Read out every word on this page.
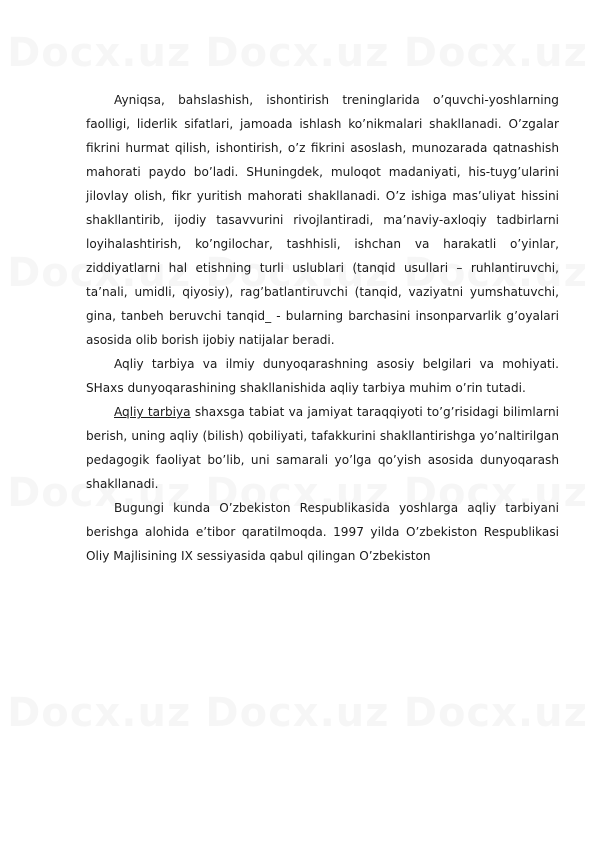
Ayniqsa, bahslashish, ishontirish treninglarida o’quvchi-yoshlarning faolligi, liderlik sifatlari, jamoada ishlash ko’nikmalari shakllanadi. O’zgalar fikrini hurmat qilish, ishontirish, o’z fikrini asoslash, munozarada qatnashish mahorati paydo bo’ladi. SHuningdek, muloqot madaniyati, his-tuyg’ularini jilovlay olish, fikr yuritish mahorati shakllanadi. O’z ishiga mas’uliyat hissini shakllantirib, ijodiy tasavvurini rivojlantiradi, ma’naviy-axloqiy tadbirlarni loyihalashtirish, ko’ngilochar, tashhisli, ishchan va harakatli o’yinlar, ziddiyatlarni hal etishning turli uslublari (tanqid usullari – ruhlantiruvchi, ta’nali, umidli, qiyosiy), rag’batlantiruvchi (tanqid, vaziyatni yumshatuvchi, gina, tanbeh beruvchi tanqid_ - bularning barchasini insonparvarlik g’oyalari asosida olib borish ijobiy natijalar beradi.

Aqliy tarbiya va ilmiy dunyoqarashning asosiy belgilari va mohiyati. SHaxs dunyoqarashining shakllanishida aqliy tarbiya muhim o’rin tutadi.

Aqliy tarbiya shaxsga tabiat va jamiyat taraqqiyoti to’g’risidagi bilimlarni berish, uning aqliy (bilish) qobiliyati, tafakkurini shakllantirishga yo’naltirilgan pedagogik faoliyat bo’lib, uni samarali yo’lga qo’yish asosida dunyoqarash shakllanadi.

Bugungi kunda O’zbekiston Respublikasida yoshlarga aqliy tarbiyani berishga alohida e’tibor qaratilmoqda. 1997 yilda O’zbekiston Respublikasi Oliy Majlisining IX sessiyasida qabul qilingan O’zbekiston
